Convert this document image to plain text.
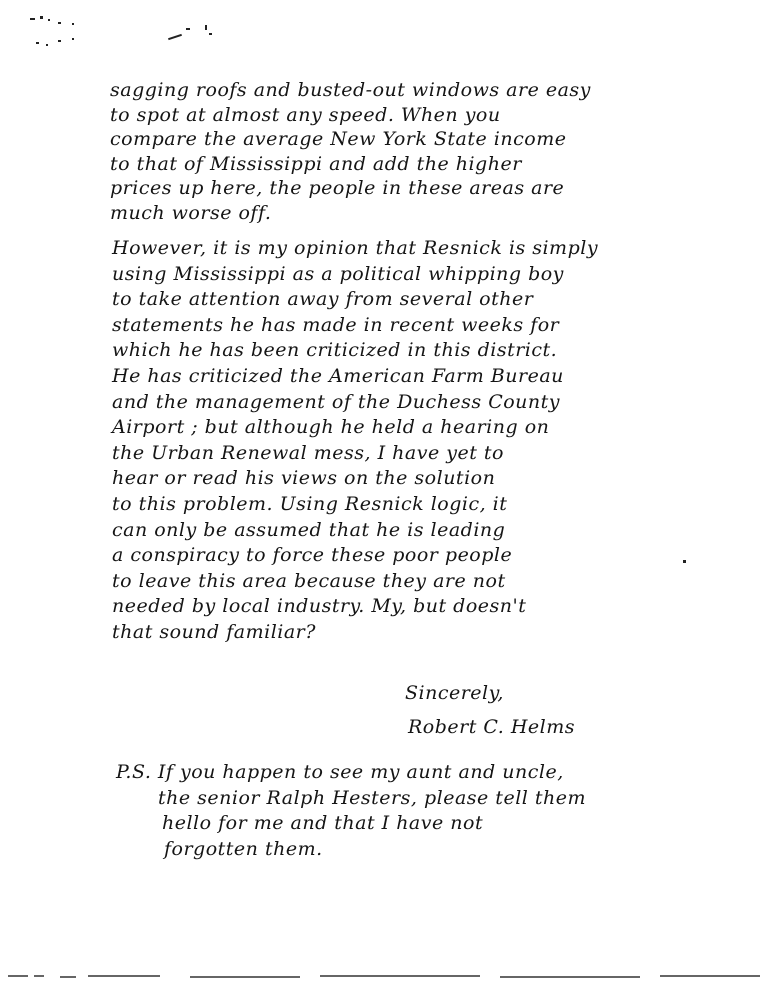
sagging roofs and busted-out windows are easy
to spot at almost any speed. When you
compare the average New York State income
to that of Mississippi and add the higher
prices up here, the people in these areas are
much worse off.
However, it is my opinion that Resnick is simply
using Mississippi as a political whipping boy
to take attention away from several other
statements he has made in recent weeks for
which he has been criticized in this district.
He has criticized the American Farm Bureau
and the management of the Duchess County
Airport ; but although he held a hearing on
the Urban Renewal mess, I have yet to
hear or read his views on the solution
to this problem. Using Resnick logic, it
can only be assumed that he is leading
a conspiracy to force these poor people
to leave this area because they are not
needed by local industry. My, but doesn't
that sound familiar?
Sincerely,
Robert C. Helms
P.S. If you happen to see my aunt and uncle,
the senior Ralph Hesters, please tell them
hello for me and that I have not
forgotten them.
